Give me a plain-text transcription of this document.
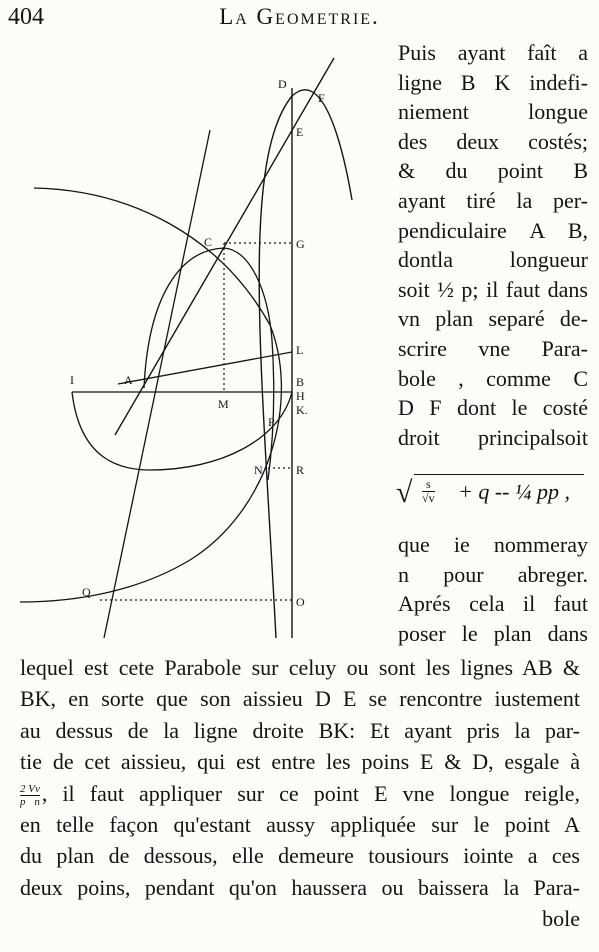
404	La Geometrie.
D
F
E
C	G
L
I	A
M
B
H
K.
P
N	R
Q
O
Puis ayant faît a
ligne B K indefi-
niement longue
des deux costés;
& du point B
ayant tiré la per-
pendiculaire A B,
dontla longueur
soit ½ p; il faut dans
vn plan separé de-
scrire vne Para-
bole , comme C
D F dont le costé
droit principalsoit
√ $\frac{s}{√v} + q$ -- ¼ pp ,
que ie nommeray
n pour abreger.
Aprés cela il faut
poser le plan dans
lequel est cete Parabole sur celuy ou sont les lignes AB &
BK, en sorte que son aissieu D E se rencontre iustement
au dessus de la ligne droite BK: Et ayant pris la par-
tie de cet aissieu, qui est entre les poins E & D, esgale à
$\frac{2 Vv}{\text{p n}}$ , il faut appliquer sur ce point E vne longue reigle,
en telle façon qu'estant aussy appliquée sur le point A
du plan de dessous, elle demeure tousiours iointe a ces
deux poins, pendant qu'on haussera ou baissera la Para-
bole
